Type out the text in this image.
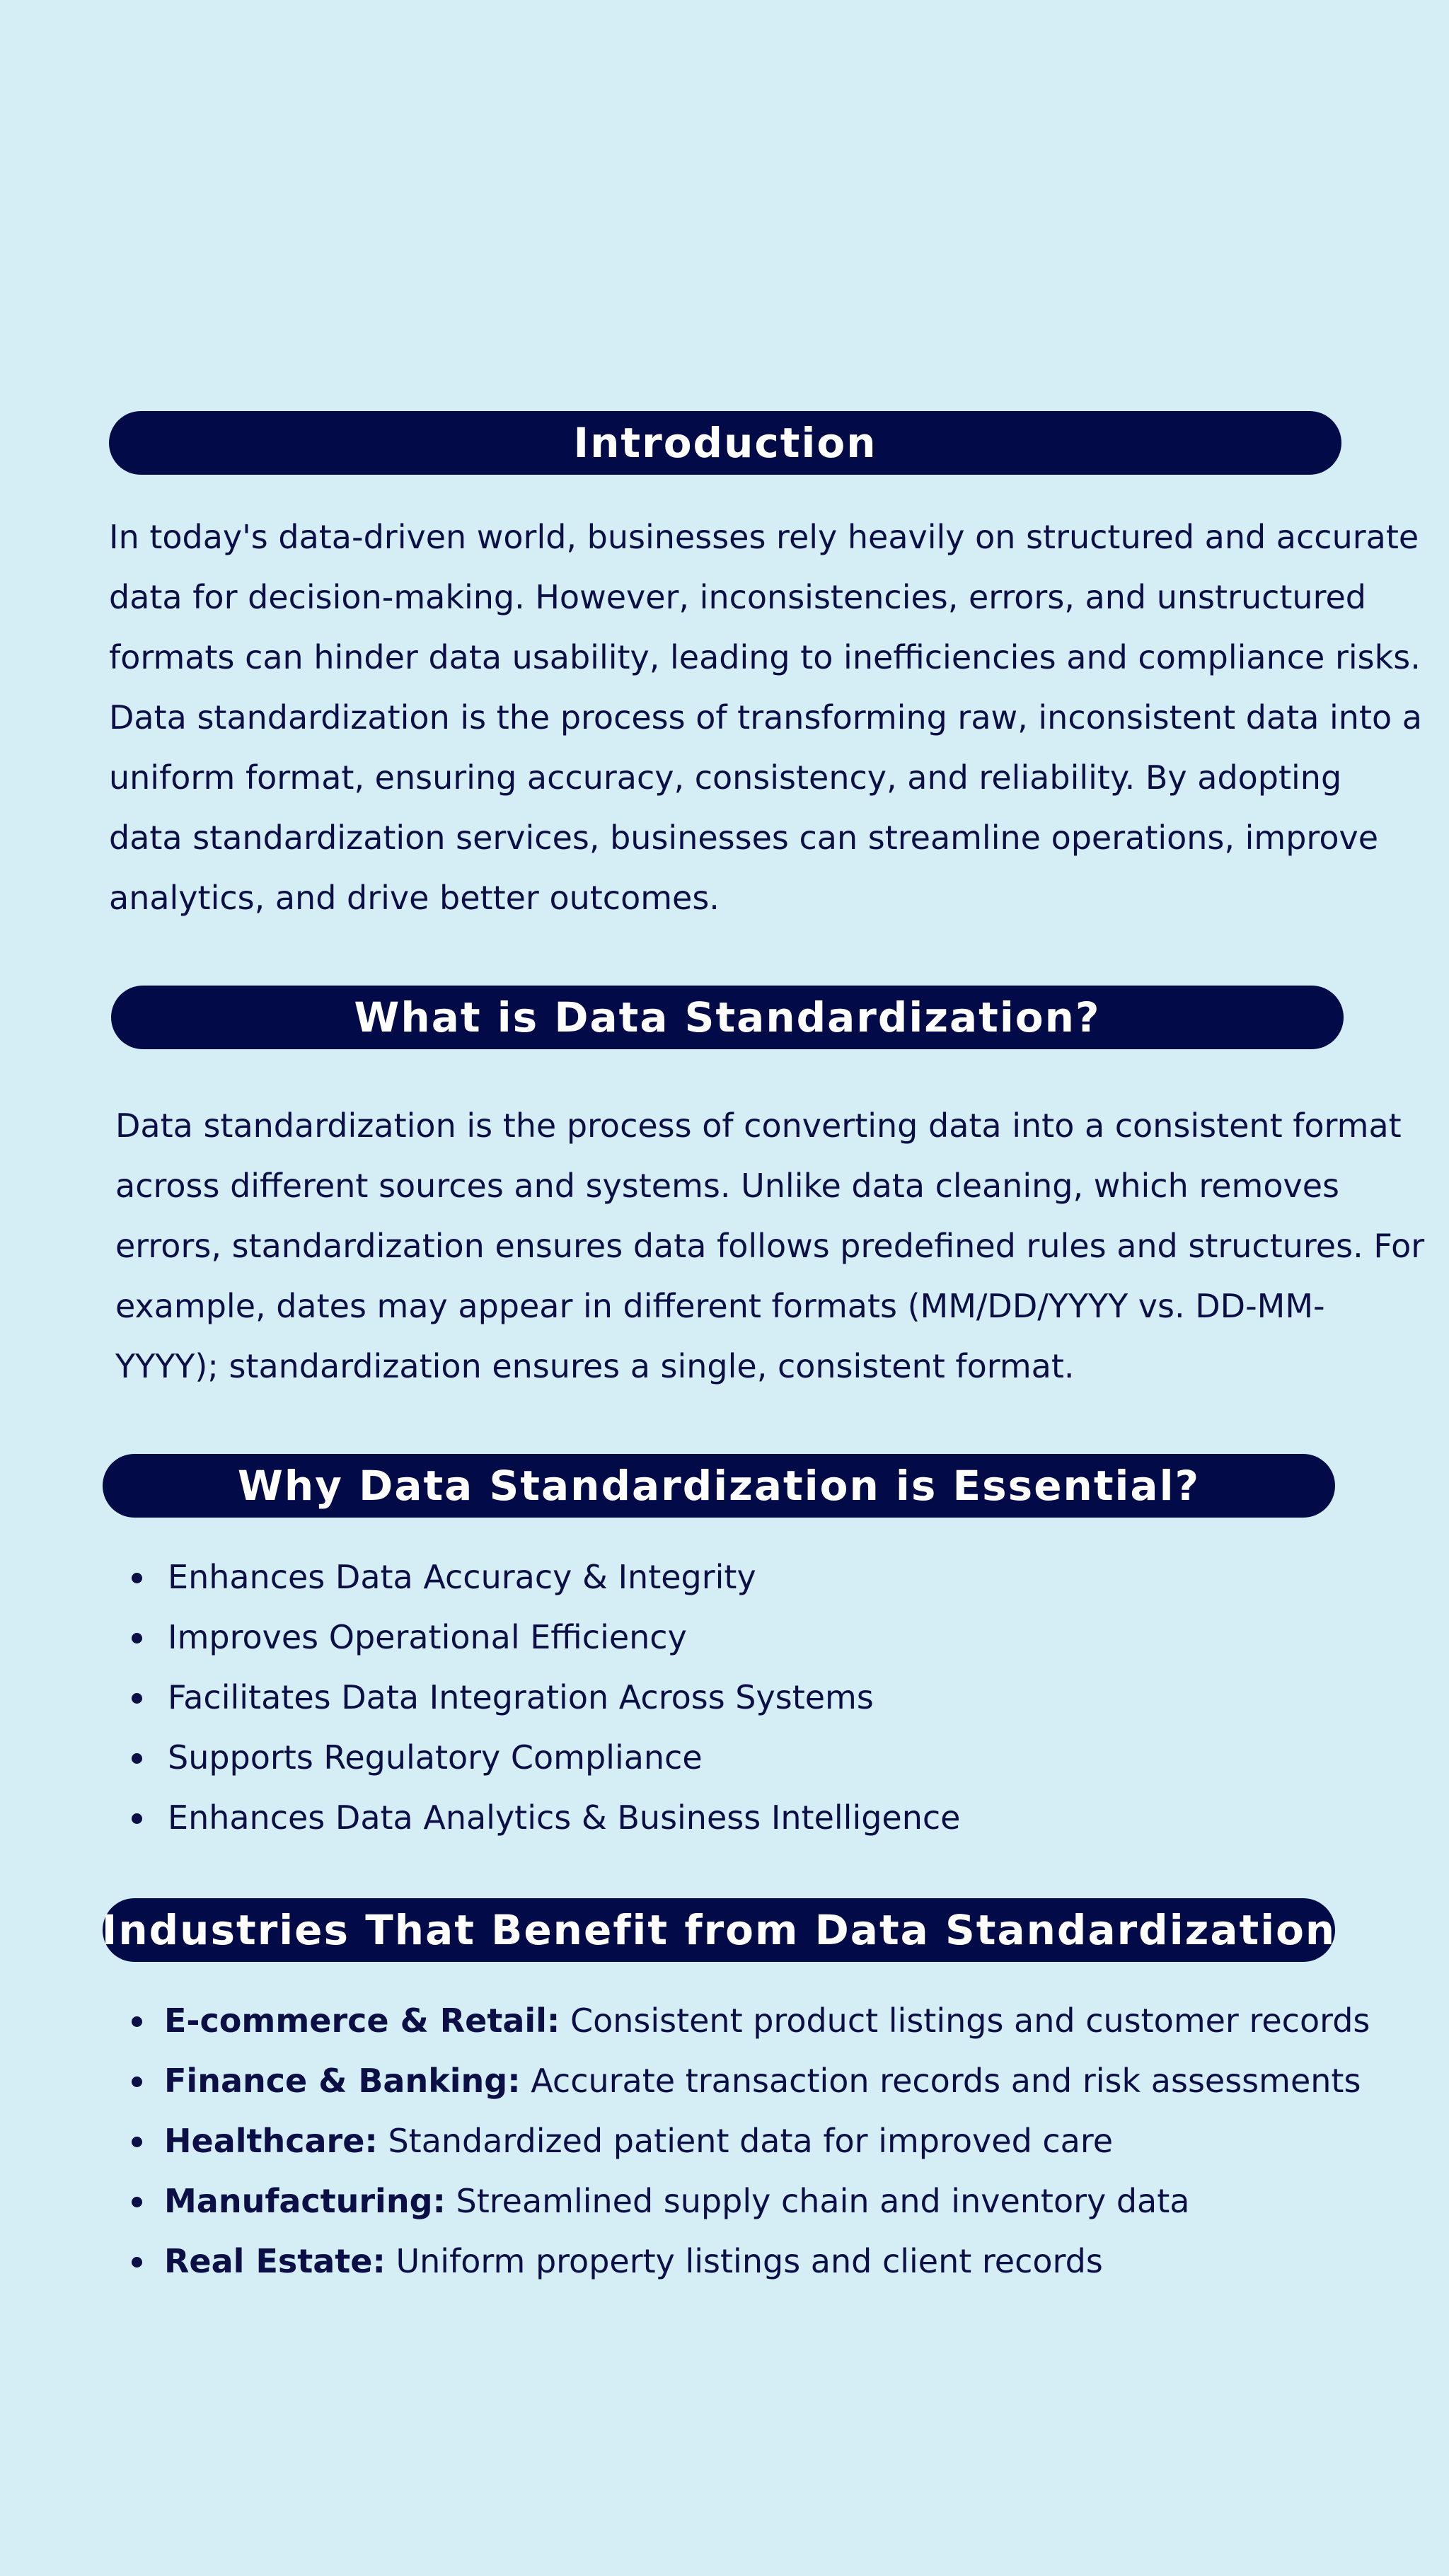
Introduction
In today's data-driven world, businesses rely heavily on structured and accurate
data for decision-making. However, inconsistencies, errors, and unstructured
formats can hinder data usability, leading to inefficiencies and compliance risks.
Data standardization is the process of transforming raw, inconsistent data into a
uniform format, ensuring accuracy, consistency, and reliability. By adopting
data standardization services, businesses can streamline operations, improve
analytics, and drive better outcomes.
What is Data Standardization?
Data standardization is the process of converting data into a consistent format
across different sources and systems. Unlike data cleaning, which removes
errors, standardization ensures data follows predefined rules and structures. For
example, dates may appear in different formats (MM/DD/YYYY vs. DD-MM-
YYYY); standardization ensures a single, consistent format.
Why Data Standardization is Essential?
Enhances Data Accuracy & Integrity
Improves Operational Efficiency
Facilitates Data Integration Across Systems
Supports Regulatory Compliance
Enhances Data Analytics & Business Intelligence
Industries That Benefit from Data Standardization
E-commerce & Retail: Consistent product listings and customer records
Finance & Banking: Accurate transaction records and risk assessments
Healthcare: Standardized patient data for improved care
Manufacturing: Streamlined supply chain and inventory data
Real Estate: Uniform property listings and client records
